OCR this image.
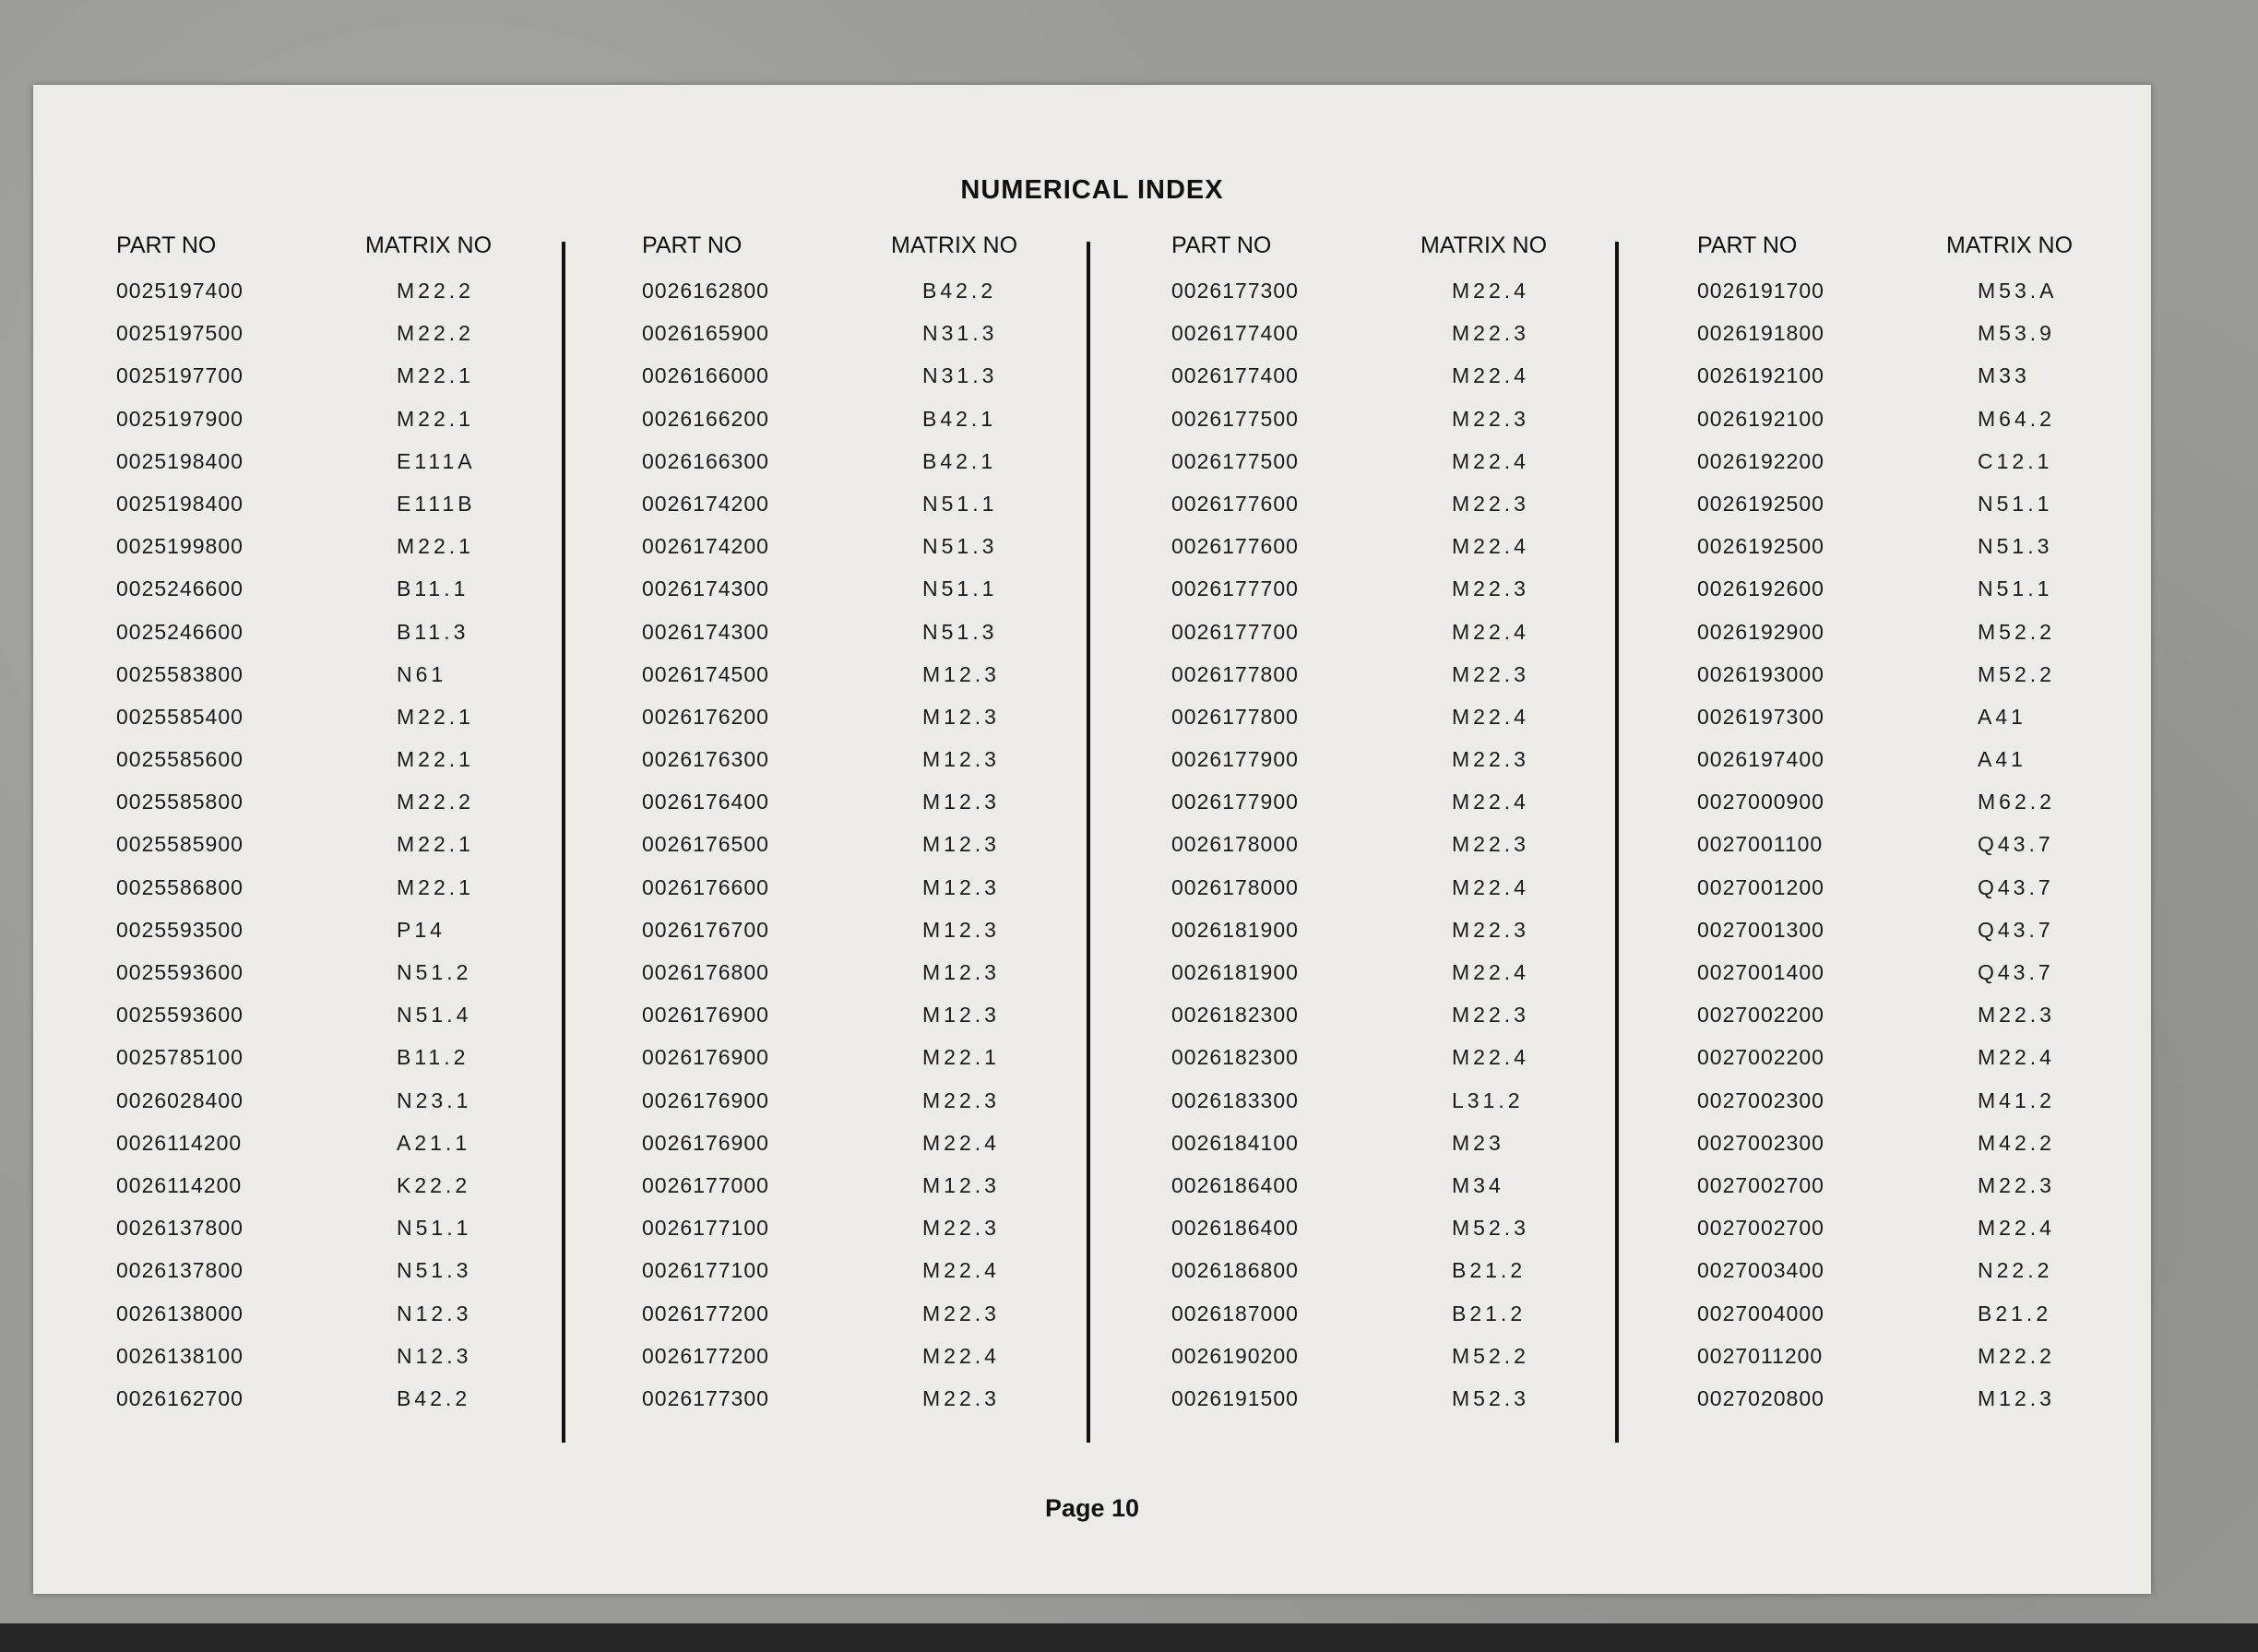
NUMERICAL INDEX
PART NO	MATRIX NO
0025197400	M22.2
0025197500	M22.2
0025197700	M22.1
0025197900	M22.1
0025198400	E111A
0025198400	E111B
0025199800	M22.1
0025246600	B11.1
0025246600	B11.3
0025583800	N61
0025585400	M22.1
0025585600	M22.1
0025585800	M22.2
0025585900	M22.1
0025586800	M22.1
0025593500	P14
0025593600	N51.2
0025593600	N51.4
0025785100	B11.2
0026028400	N23.1
0026114200	A21.1
0026114200	K22.2
0026137800	N51.1
0026137800	N51.3
0026138000	N12.3
0026138100	N12.3
0026162700	B42.2
PART NO	MATRIX NO
0026162800	B42.2
0026165900	N31.3
0026166000	N31.3
0026166200	B42.1
0026166300	B42.1
0026174200	N51.1
0026174200	N51.3
0026174300	N51.1
0026174300	N51.3
0026174500	M12.3
0026176200	M12.3
0026176300	M12.3
0026176400	M12.3
0026176500	M12.3
0026176600	M12.3
0026176700	M12.3
0026176800	M12.3
0026176900	M12.3
0026176900	M22.1
0026176900	M22.3
0026176900	M22.4
0026177000	M12.3
0026177100	M22.3
0026177100	M22.4
0026177200	M22.3
0026177200	M22.4
0026177300	M22.3
PART NO	MATRIX NO
0026177300	M22.4
0026177400	M22.3
0026177400	M22.4
0026177500	M22.3
0026177500	M22.4
0026177600	M22.3
0026177600	M22.4
0026177700	M22.3
0026177700	M22.4
0026177800	M22.3
0026177800	M22.4
0026177900	M22.3
0026177900	M22.4
0026178000	M22.3
0026178000	M22.4
0026181900	M22.3
0026181900	M22.4
0026182300	M22.3
0026182300	M22.4
0026183300	L31.2
0026184100	M23
0026186400	M34
0026186400	M52.3
0026186800	B21.2
0026187000	B21.2
0026190200	M52.2
0026191500	M52.3
PART NO	MATRIX NO
0026191700	M53.A
0026191800	M53.9
0026192100	M33
0026192100	M64.2
0026192200	C12.1
0026192500	N51.1
0026192500	N51.3
0026192600	N51.1
0026192900	M52.2
0026193000	M52.2
0026197300	A41
0026197400	A41
0027000900	M62.2
0027001100	Q43.7
0027001200	Q43.7
0027001300	Q43.7
0027001400	Q43.7
0027002200	M22.3
0027002200	M22.4
0027002300	M41.2
0027002300	M42.2
0027002700	M22.3
0027002700	M22.4
0027003400	N22.2
0027004000	B21.2
0027011200	M22.2
0027020800	M12.3
Page 10
